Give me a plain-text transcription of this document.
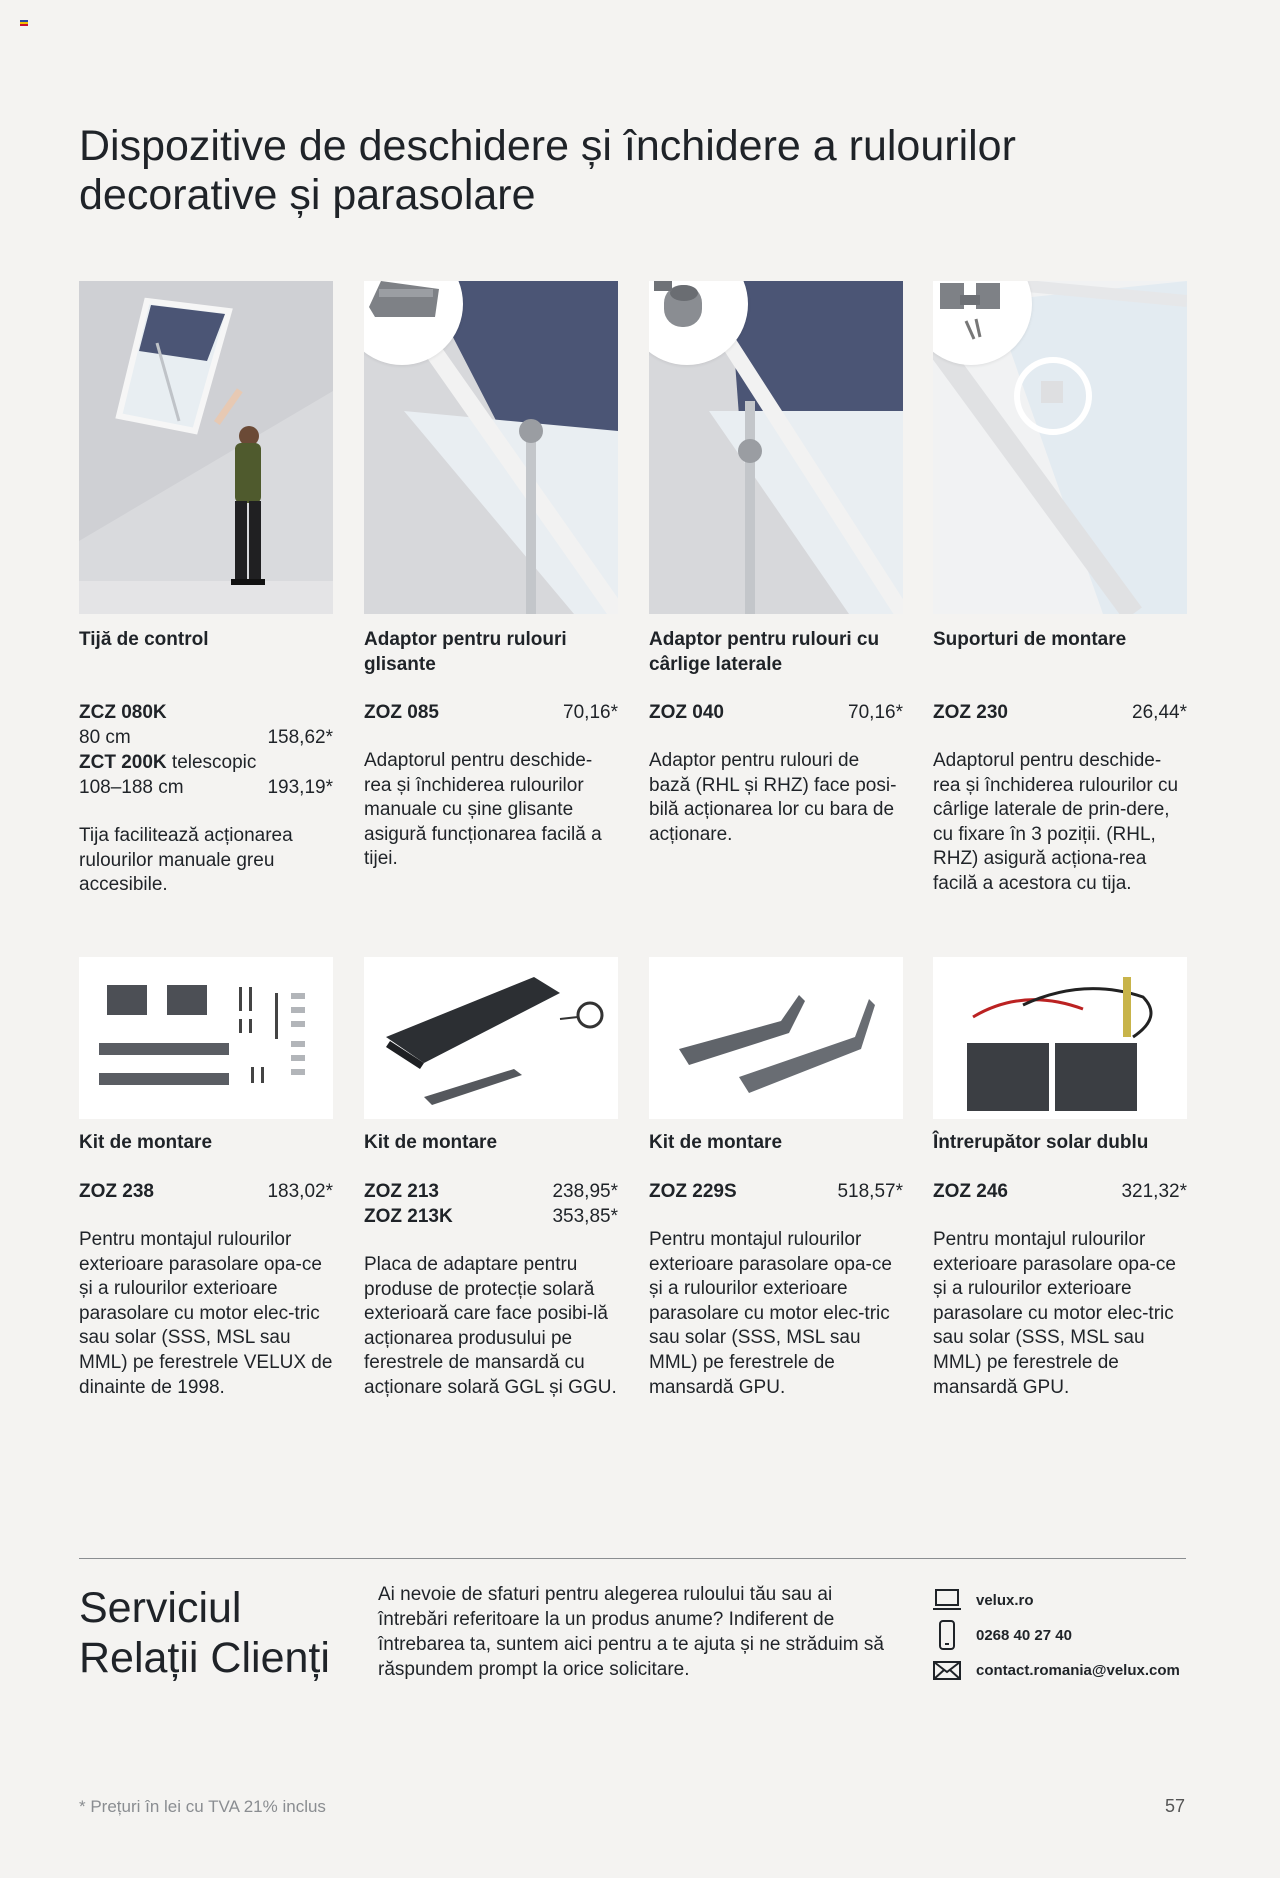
Dispozitive de deschidere și închidere a rulourilor decorative și parasolare
Tijă de control
ZCZ 080K
80 cm	158,62*
ZCT 200K telescopic
108–188 cm	193,19*
Tija facilitează acționarea rulourilor manuale greu accesibile.
Adaptor pentru rulouri glisante
ZOZ 085	70,16*
Adaptorul pentru deschide-rea și închiderea rulourilor manuale cu șine glisante asigură funcționarea facilă a tijei.
Adaptor pentru rulouri cu cârlige laterale
ZOZ 040	70,16*
Adaptor pentru rulouri de bază (RHL și RHZ) face posi-bilă acționarea lor cu bara de acționare.
Suporturi de montare
ZOZ 230	26,44*
Adaptorul pentru deschide-rea și închiderea rulourilor cu cârlige laterale de prin-dere, cu fixare în 3 poziții. (RHL, RHZ) asigură acționa-rea facilă a acestora cu tija.
Kit de montare
ZOZ 238	183,02*
Pentru montajul rulourilor exterioare parasolare opa-ce și a rulourilor exterioare parasolare cu motor elec-tric sau solar (SSS, MSL sau MML) pe ferestrele VELUX de dinainte de 1998.
Kit de montare
ZOZ 213	238,95*
ZOZ 213K	353,85*
Placa de adaptare pentru produse de protecție solară exterioară care face posibi-lă acționarea produsului pe ferestrele de mansardă cu acționare solară GGL și GGU.
Kit de montare
ZOZ 229S	518,57*
Pentru montajul rulourilor exterioare parasolare opa-ce și a rulourilor exterioare parasolare cu motor elec-tric sau solar (SSS, MSL sau MML) pe ferestrele de mansardă GPU.
Întrerupător solar dublu
ZOZ 246	321,32*
Pentru montajul rulourilor exterioare parasolare opa-ce și a rulourilor exterioare parasolare cu motor elec-tric sau solar (SSS, MSL sau MML) pe ferestrele de mansardă GPU.
Serviciul
Relații Clienți
Ai nevoie de sfaturi pentru alegerea ruloului tău sau ai întrebări referitoare la un produs anume? Indiferent de întrebarea ta, suntem aici pentru a te ajuta și ne străduim să răspundem prompt la orice solicitare.
velux.ro
0268 40 27 40
contact.romania@velux.com
* Prețuri în lei cu TVA 21% inclus	57
